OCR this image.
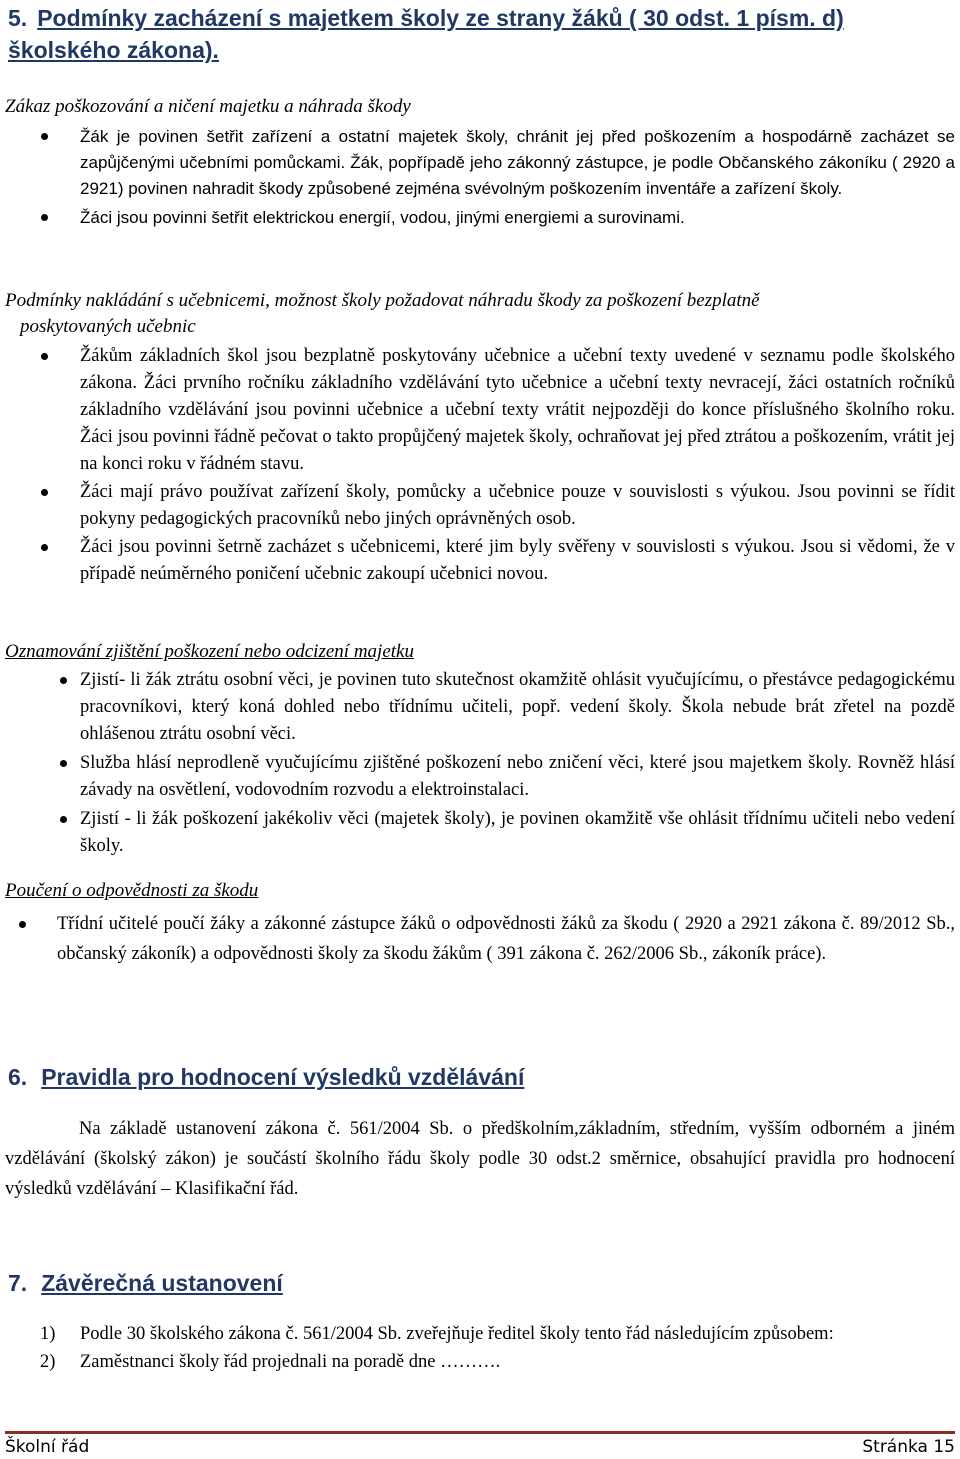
5. Podmínky zacházení s majetkem školy ze strany žáků ( 30 odst. 1 písm. d) školského zákona).
Zákaz poškozování a ničení majetku a náhrada škody
Žák je povinen šetřit zařízení a ostatní majetek školy, chránit jej před poškozením a hospodárně zacházet se zapůjčenými učebními pomůckami. Žák, popřípadě jeho zákonný zástupce, je podle Občanského zákoníku ( 2920 a 2921) povinen nahradit škody způsobené zejména svévolným poškozením inventáře a zařízení školy.
Žáci jsou povinni šetřit elektrickou energií, vodou, jinými energiemi a surovinami.
Podmínky nakládání s učebnicemi, možnost školy požadovat náhradu škody za poškození bezplatně
poskytovaných učebnic
Žákům základních škol jsou bezplatně poskytovány učebnice a učební texty uvedené v seznamu podle školského zákona. Žáci prvního ročníku základního vzdělávání tyto učebnice a učební texty nevracejí, žáci ostatních ročníků základního vzdělávání jsou povinni učebnice a učební texty vrátit nejpozději do konce příslušného školního roku. Žáci jsou povinni řádně pečovat o takto propůjčený majetek školy, ochraňovat jej před ztrátou a poškozením, vrátit jej na konci roku v řádném stavu.
Žáci mají právo používat zařízení školy, pomůcky a učebnice pouze v souvislosti s výukou. Jsou povinni se řídit pokyny pedagogických pracovníků nebo jiných oprávněných osob.
Žáci jsou povinni šetrně zacházet s učebnicemi, které jim byly svěřeny v souvislosti s výukou. Jsou si vědomi, že v případě neúměrného poničení učebnic zakoupí učebnici novou.
Oznamování zjištění poškození nebo odcizení majetku
Zjistí- li žák ztrátu osobní věci, je povinen tuto skutečnost okamžitě ohlásit vyučujícímu, o přestávce pedagogickému pracovníkovi, který koná dohled nebo třídnímu učiteli, popř. vedení školy. Škola nebude brát zřetel na pozdě ohlášenou ztrátu osobní věci.
Služba hlásí neprodleně vyučujícímu zjištěné poškození nebo zničení věci, které jsou majetkem školy. Rovněž hlásí závady na osvětlení, vodovodním rozvodu a elektroinstalaci.
Zjistí - li žák poškození jakékoliv věci (majetek školy), je povinen okamžitě vše ohlásit třídnímu učiteli nebo vedení školy.
Poučení o odpovědnosti za škodu
Třídní učitelé poučí žáky a zákonné zástupce žáků o odpovědnosti žáků za škodu ( 2920 a 2921 zákona č. 89/2012 Sb., občanský zákoník) a odpovědnosti školy za škodu žákům ( 391 zákona č. 262/2006 Sb., zákoník práce).
6. Pravidla pro hodnocení výsledků vzdělávání
Na základě ustanovení zákona č. 561/2004 Sb. o předškolním,základním, středním, vyšším odborném a jiném vzdělávání (školský zákon) je součástí školního řádu školy podle 30 odst.2 směrnice, obsahující pravidla pro hodnocení výsledků vzdělávání – Klasifikační řád.
7. Závěrečná ustanovení
1) Podle 30 školského zákona č. 561/2004 Sb. zveřejňuje ředitel školy tento řád následujícím způsobem:
2) Zaměstnanci školy řád projednali na poradě dne ……….
Školní řád	Stránka 15
